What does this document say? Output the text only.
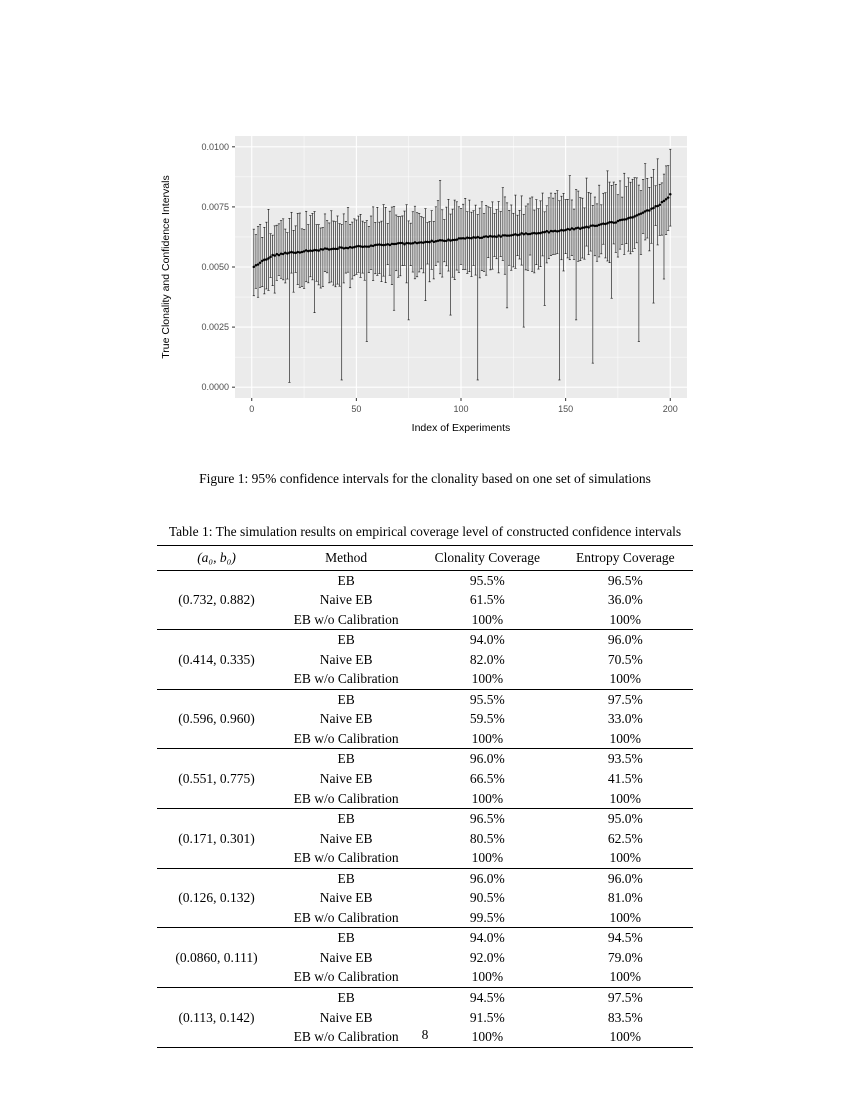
0.0000
0.0025
0.0050
0.0075
0.0100
0	50	100	150	200
Index of Experiments
True Clonality and Confidence Intervals
Figure 1: 95% confidence intervals for the clonality based on one set of simulations
Table 1: The simulation results on empirical coverage level of constructed confidence intervals
(a₀, b₀)	Method	Clonality Coverage	Entropy Coverage
(0.732, 0.882)	EB	95.5%	96.5%
	Naive EB	61.5%	36.0%
	EB w/o Calibration	100%	100%
(0.414, 0.335)	EB	94.0%	96.0%
	Naive EB	82.0%	70.5%
	EB w/o Calibration	100%	100%
(0.596, 0.960)	EB	95.5%	97.5%
	Naive EB	59.5%	33.0%
	EB w/o Calibration	100%	100%
(0.551, 0.775)	EB	96.0%	93.5%
	Naive EB	66.5%	41.5%
	EB w/o Calibration	100%	100%
(0.171, 0.301)	EB	96.5%	95.0%
	Naive EB	80.5%	62.5%
	EB w/o Calibration	100%	100%
(0.126, 0.132)	EB	96.0%	96.0%
	Naive EB	90.5%	81.0%
	EB w/o Calibration	99.5%	100%
(0.0860, 0.111)	EB	94.0%	94.5%
	Naive EB	92.0%	79.0%
	EB w/o Calibration	100%	100%
(0.113, 0.142)	EB	94.5%	97.5%
	Naive EB	91.5%	83.5%
	EB w/o Calibration	100%	100%
8
